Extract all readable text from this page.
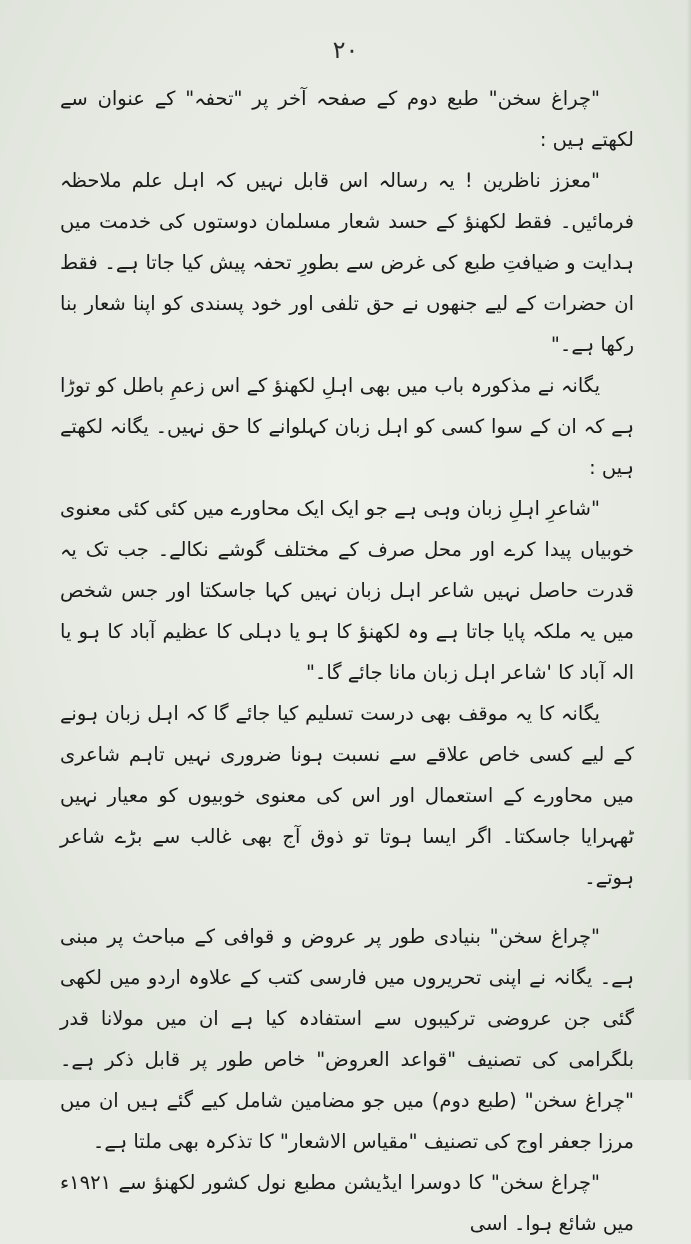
۲۰

"چراغ سخن" طبع دوم کے صفحہ آخر پر "تحفہ" کے عنوان سے لکھتے ہیں :

"معزز ناظرین ! یہ رسالہ اس قابل نہیں کہ اہل علم ملاحظہ فرمائیں۔ فقط لکھنؤ کے حسد شعار مسلمان دوستوں کی خدمت میں ہدایت و ضیافتِ طبع کی غرض سے بطورِ تحفہ پیش کیا جاتا ہے۔ فقط ان حضرات کے لیے جنھوں نے حق تلفی اور خود پسندی کو اپنا شعار بنا رکھا ہے۔"

یگانہ نے مذکورہ باب میں بھی اہلِ لکھنؤ کے اس زعمِ باطل کو توڑا ہے کہ ان کے سوا کسی کو اہل زبان کہلوانے کا حق نہیں۔ یگانہ لکھتے ہیں :

"شاعرِ اہلِ زبان وہی ہے جو ایک ایک محاورے میں کئی کئی معنوی خوبیاں پیدا کرے اور محل صرف کے مختلف گوشے نکالے۔ جب تک یہ قدرت حاصل نہیں شاعر اہل زبان نہیں کہا جاسکتا اور جس شخص میں یہ ملکہ پایا جاتا ہے وہ لکھنؤ کا ہو یا دہلی کا عظیم آباد کا ہو یا الہ آباد کا 'شاعر اہل زبان مانا جائے گا۔"

یگانہ کا یہ موقف بھی درست تسلیم کیا جائے گا کہ اہل زبان ہونے کے لیے کسی خاص علاقے سے نسبت ہونا ضروری نہیں تاہم شاعری میں محاورے کے استعمال اور اس کی معنوی خوبیوں کو معیار نہیں ٹھہرایا جاسکتا۔ اگر ایسا ہوتا تو ذوق آج بھی غالب سے بڑے شاعر ہوتے۔

"چراغ سخن" بنیادی طور پر عروض و قوافی کے مباحث پر مبنی ہے۔ یگانہ نے اپنی تحریروں میں فارسی کتب کے علاوہ اردو میں لکھی گئی جن عروضی ترکیبوں سے استفادہ کیا ہے ان میں مولانا قدر بلگرامی کی تصنیف "قواعد العروض" خاص طور پر قابل ذکر ہے۔ "چراغ سخن" (طبع دوم) میں جو مضامین شامل کیے گئے ہیں ان میں مرزا جعفر اوج کی تصنیف "مقیاس الاشعار" کا تذکرہ بھی ملتا ہے۔

"چراغ سخن" کا دوسرا ایڈیشن مطبع نول کشور لکھنؤ سے ۱۹۲۱ء میں شائع ہوا۔ اسی
